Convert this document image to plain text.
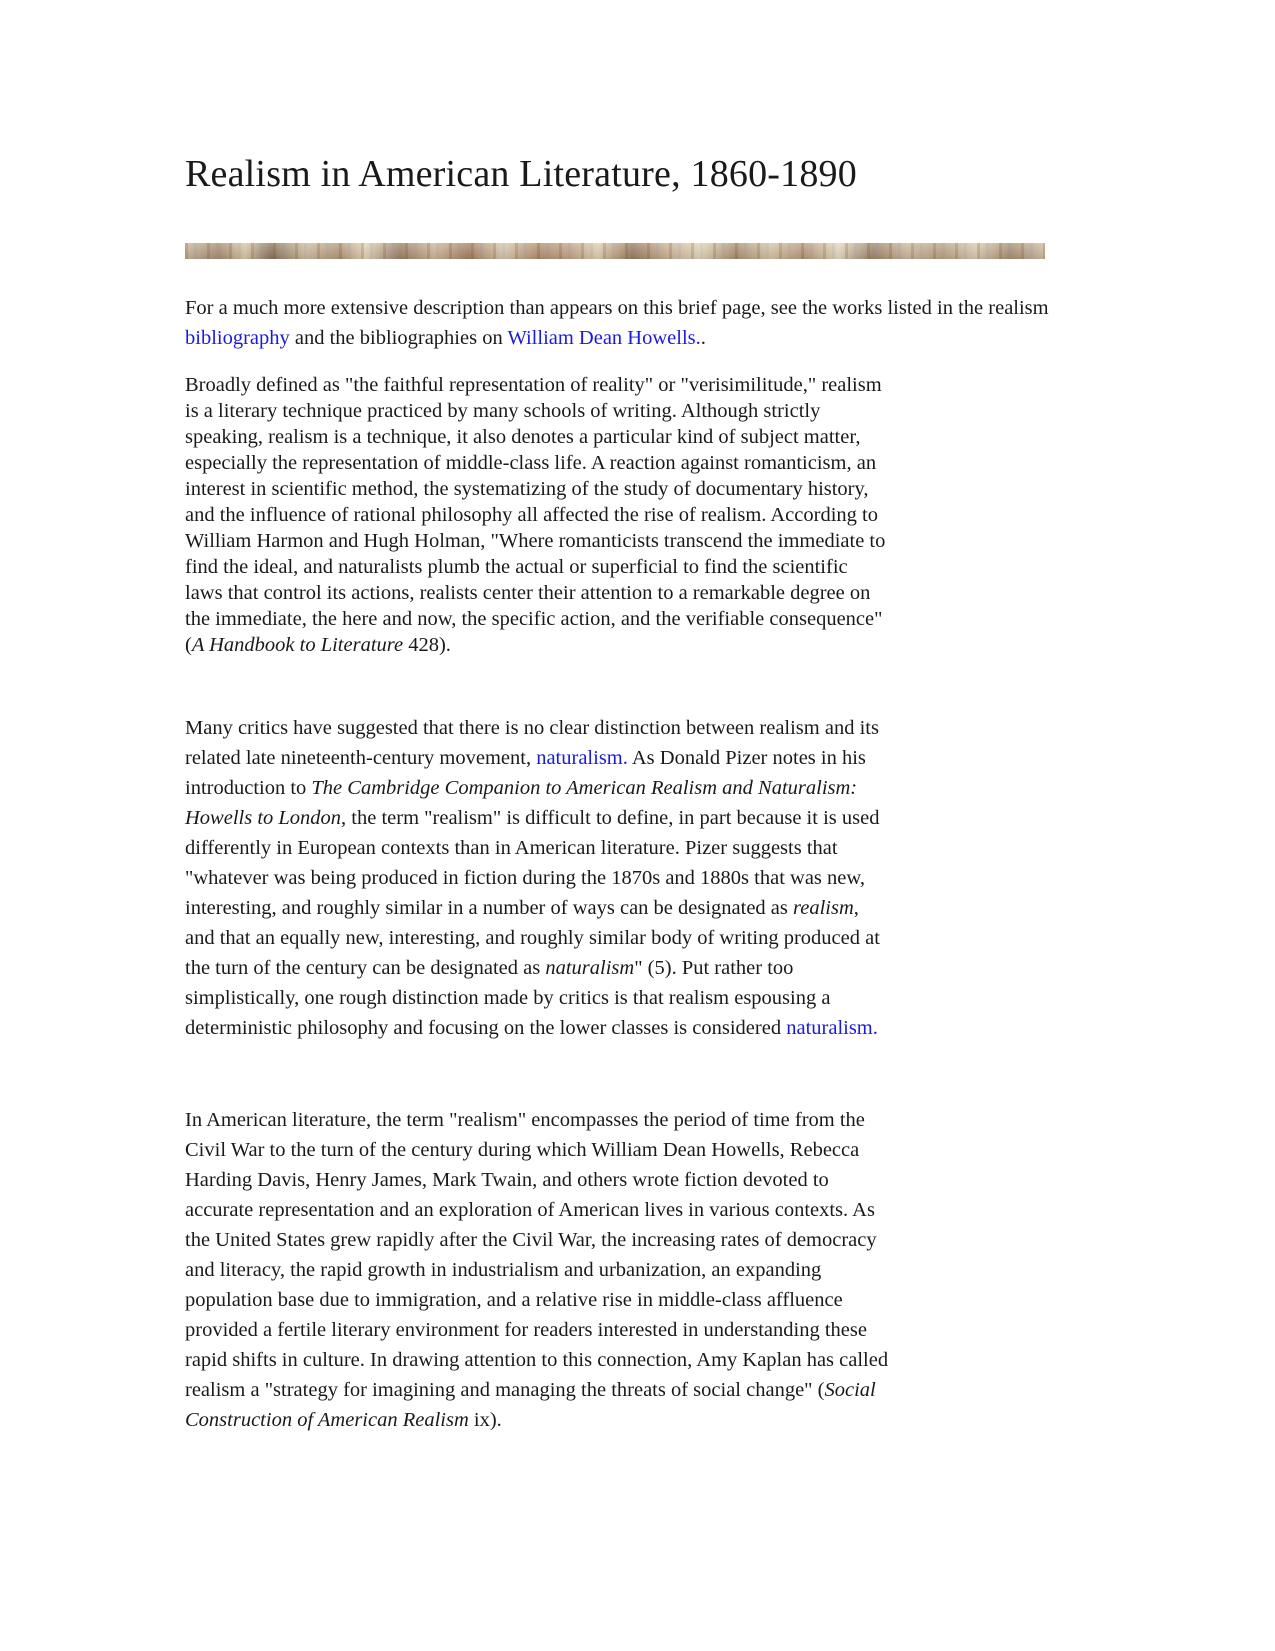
Realism in American Literature, 1860-1890

For a much more extensive description than appears on this brief page, see the works listed in the realism bibliography and the bibliographies on William Dean Howells..

Broadly defined as "the faithful representation of reality" or "verisimilitude," realism is a literary technique practiced by many schools of writing. Although strictly speaking, realism is a technique, it also denotes a particular kind of subject matter, especially the representation of middle-class life. A reaction against romanticism, an interest in scientific method, the systematizing of the study of documentary history, and the influence of rational philosophy all affected the rise of realism. According to William Harmon and Hugh Holman, "Where romanticists transcend the immediate to find the ideal, and naturalists plumb the actual or superficial to find the scientific laws that control its actions, realists center their attention to a remarkable degree on the immediate, the here and now, the specific action, and the verifiable consequence" (A Handbook to Literature 428).

Many critics have suggested that there is no clear distinction between realism and its related late nineteenth-century movement, naturalism. As Donald Pizer notes in his introduction to The Cambridge Companion to American Realism and Naturalism: Howells to London, the term "realism" is difficult to define, in part because it is used differently in European contexts than in American literature. Pizer suggests that "whatever was being produced in fiction during the 1870s and 1880s that was new, interesting, and roughly similar in a number of ways can be designated as realism, and that an equally new, interesting, and roughly similar body of writing produced at the turn of the century can be designated as naturalism" (5). Put rather too simplistically, one rough distinction made by critics is that realism espousing a deterministic philosophy and focusing on the lower classes is considered naturalism.

In American literature, the term "realism" encompasses the period of time from the Civil War to the turn of the century during which William Dean Howells, Rebecca Harding Davis, Henry James, Mark Twain, and others wrote fiction devoted to accurate representation and an exploration of American lives in various contexts. As the United States grew rapidly after the Civil War, the increasing rates of democracy and literacy, the rapid growth in industrialism and urbanization, an expanding population base due to immigration, and a relative rise in middle-class affluence provided a fertile literary environment for readers interested in understanding these rapid shifts in culture. In drawing attention to this connection, Amy Kaplan has called realism a "strategy for imagining and managing the threats of social change" (Social Construction of American Realism ix).
